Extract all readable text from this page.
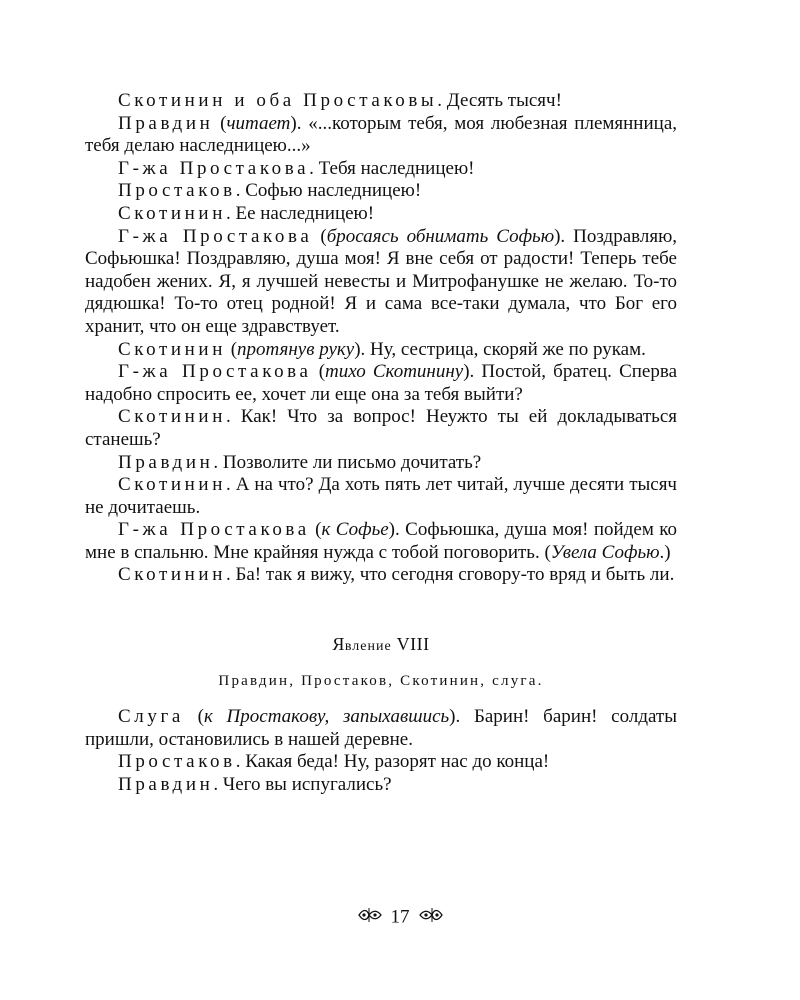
Скотинин и оба Простаковы. Десять тысяч!

Правдин (читает). «...которым тебя, моя любезная племянница, тебя делаю наследницею...»

Г-жа Простакова. Тебя наследницею!

Простаков. Софью наследницею!

Скотинин. Ее наследницею!

Г-жа Простакова (бросаясь обнимать Софью). Поздравляю, Софьюшка! Поздравляю, душа моя! Я вне себя от радости! Теперь тебе надобен жених. Я, я лучшей невесты и Митрофанушке не желаю. То-то дядюшка! То-то отец родной! Я и сама все-таки думала, что Бог его хранит, что он еще здравствует.

Скотинин (протянув руку). Ну, сестрица, скоряй же по рукам.

Г-жа Простакова (тихо Скотинину). Постой, братец. Сперва надобно спросить ее, хочет ли еще она за тебя выйти?

Скотинин. Как! Что за вопрос! Неужто ты ей докладываться станешь?

Правдин. Позволите ли письмо дочитать?

Скотинин. А на что? Да хоть пять лет читай, лучше десяти тысяч не дочитаешь.

Г-жа Простакова (к Софье). Софьюшка, душа моя! пойдем ко мне в спальню. Мне крайняя нужда с тобой поговорить. (Увела Софью.)

Скотинин. Ба! так я вижу, что сегодня сговору-то вряд и быть ли.

Явление VIII
Правдин, Простаков, Скотинин, слуга.

Слуга (к Простакову, запыхавшись). Барин! барин! солдаты пришли, остановились в нашей деревне.

Простаков. Какая беда! Ну, разорят нас до конца!

Правдин. Чего вы испугались?

17
